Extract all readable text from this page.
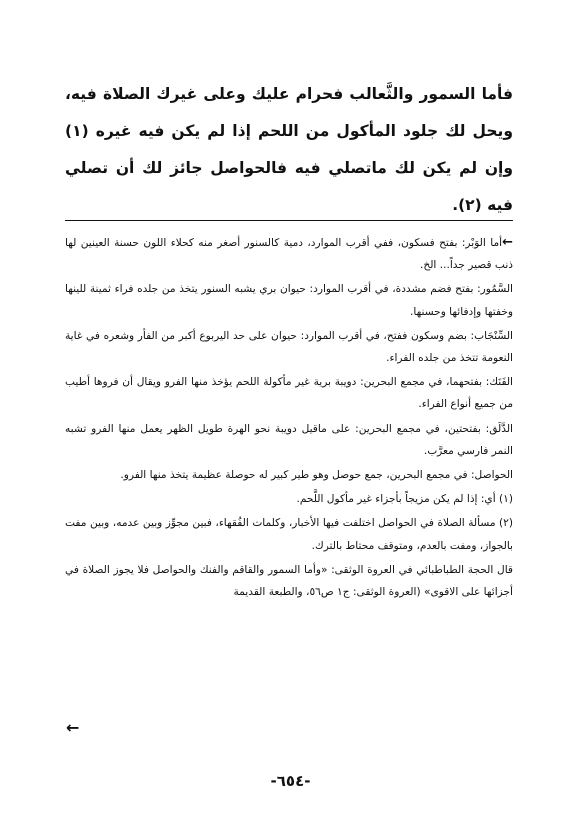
فأما السمور والثَّعالب فحرام عليك وعلى غيرك الصلاة فيه، ويحل لك جلود المأكول من اللحم إذا لم يكن فيه غيره (١) وإن لم يكن لك ماتصلي فيه فالحواصل جائز لك أن تصلي فيه (٢).

←أما الوَبْر: بفتح فسكون، ففي أقرب الموارد، دمية كالسنور أصغر منه كحلاء اللون حسنة العينين لها ذنب قصير جداً... الخ.

السَّمُور: بفتح فضم مشددة، في أقرب الموارد: حيوان بري يشبه السنور يتخذ من جلده فراء ثمينة للينها وخفتها وإدفائها وحسنها.

السِّنْجَاب: بضم وسكون ففتح، في أقرب الموارد: حيوان على حد اليربوع أكبر من الفأر وشعره في غاية النعومة تتخذ من جلده الفراء.

الفَنَك: بفتحهما، في مجمع البحرين: دويبة برية غير مأكولة اللحم يؤخذ منها الفرو ويقال أن فروها أطيب من جميع أنواع الفراء.

الدَّلَق: بفتحتين، في مجمع البحرين: على ماقيل دويبة نحو الهرة طويل الظهر يعمل منها الفرو تشبه النمر فارسي معرَّب.

الحواصل: في مجمع البحرين، جمع حوصل وهو طير كبير له حوصلة عظيمة يتخذ منها الفرو.

(١) أي: إذا لم يكن مزيجاً بأجزاء غير مأكول اللَّحم.

(٢) مسألة الصلاة في الحواصل اختلفت فيها الأخبار، وكلمات الفُقهاء، فبين مجوِّز وبين عدمه، وبين مفت بالجواز، ومفت بالعدم، ومتوقف محتاط بالترك.

قال الحجة الطباطبائي في العروة الوثقى: «وأما السمور والقاقم والفنك والحواصل فلا يجوز الصلاة في أجزائها على الاقوى» (العروة الوثقى: ج١ ص٥٦، والطبعة القديمة

←
-٦٥٤-
